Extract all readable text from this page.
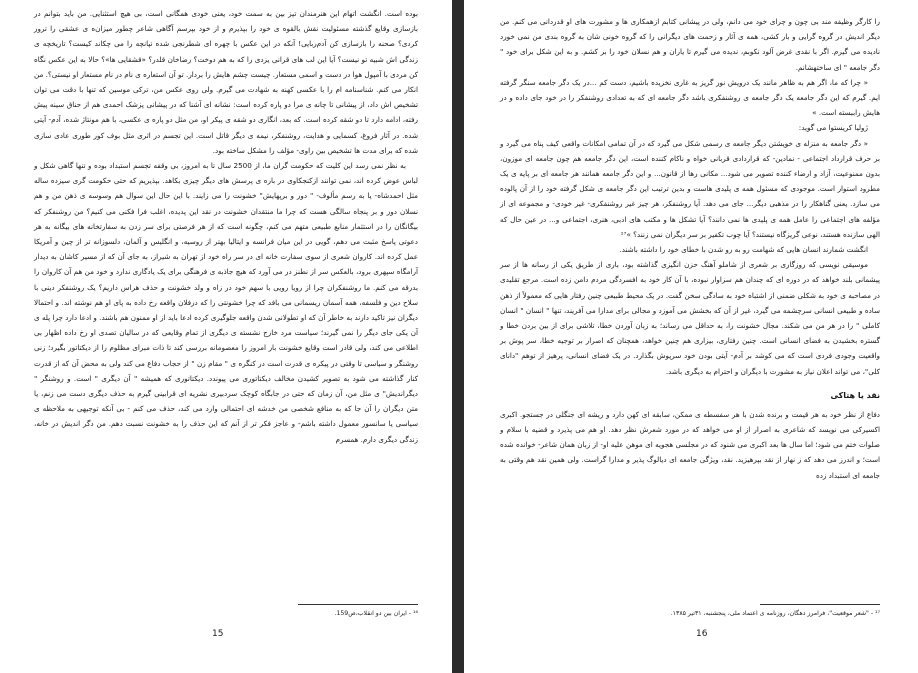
بوده است. انگشت اتهام این هنرمندان تیز بین به سمت خود، یعنی خودی همگانی است، بی هیچ استثنایی. من باید بتوانم در بازسازی وقایع گذشته مسئولیت نقش بالقوه ی خود را بپذیرم و از خود بپرسم آگاهی شاعر چطور میزان‌ه ی عشقی را ترور کردی؟ صحنه را بازسازی کن آدم‌ربایی! آنکه در این عکس با چهره ای شطرنجی شده تپانچه را می چکاند کیست؟ تاریخچه ی زندگی اش شبیه تو نیست؟ آیا این لب های قرانی یزدی را که به هم دوخت؟ رضاخان قلدر؟ «قشقایی ها»؟ حالا به این عکس نگاه کن مردی با آمپول هوا در دست و اسمی مستعار. چیست چشم هایش را بردار. تو آن استعاره ی نام در نام مستعار او نیستی؟. من انکار می کنم. شناسنامه ام را با عکسی کهنه به شهادت می گیرم. ولی روی عکس من، ترکی موسین که تنها با دقت می توان تشخیص اش داد، از پیشانی تا چانه ی مرا دو پاره کرده است: نشانه ای آشنا که در پیشانی پزشک احمدی هم از حناق سینه پیش رفته، ادامه دارد تا دو شقه کرده است. که بعد، انگاری دو شقه ی پیکر او، من مثل دو پاره ی عکسی، با هم مونتاژ شده، آدم- آیتی شده. در آثار فروغ، کسمایی و هدایت، روشنفکر، نیمه ی دیگر قاتل است. این تجسم در اثری مثل بوف کور طوری عادی سازی شده که برای مدت ها تشخیص بین راوی- مؤلف را مشکل ساخته بود.

به نظر نمی رسد این کلیت که حکومت گران ما، از 2500 سال تا به امروز، بی وقفه تجسم استبداد بوده و تنها گاهی شکل و لباس عوض کرده اند، نمی توانند ازکنجکاوی در باره ی پرسش های دیگر چیزی بکاهد. بپذیریم که حتی حکومت گری سیزده ساله مثل احمدشاه- یا به رسم مألوف- " دور و برپهایش" خشونت را می زایند. با این حال این سوال هم وسوسه ی ذهن من و هم نسلان دور و بر پنجاه سالگی هست که چرا ما منتقدان خشونت در نقد این پدیده، اغلب فرا فکنی می کنیم؟ من روشنفکر که بیگانگان را در استثمار منابع طبیعی متهم می کنم، چگونه است که از هر فرصتی برای سر زدن به سفارتخانه های بیگانه به هر دعوتی پاسخ مثبت می دهم، گویی در این میان فرانسه و ایتالیا بهتر از روسیه، و انگلیس و آلمان، دلسوزانه تر از چین و آمریکا عمل کرده اند. کاروان شعری از سوی سفارت خانه ای در سر راه خود از تهران به شیراز، به جای آن که از مسیر کاشان به دیدار آرامگاه سپهری برود، بالعکس سر از نطنز در می آورد که هیچ جاذبه ی فرهنگی برای یک یادگاری ندارد و خود من هم آن کاروان را بدرقه می کنم. ما روشنفکران چرا از رویا رویی با سهم خود در زاه و ولد خشونت و حذف هراس داریم؟ یک روشنفکر دینی با سلاح دین و فلسفه، همه آسمان ریسمانی می بافد که چرا خشونتی را که درفلان واقعه رخ داده به پای او هم نوشته اند. و احتمالا دیگران نیز تاکید دارند به خاطر آن که او تطولانی شدن واقعه جلوگیری کرده ادعا باید از او ممنون هم باشند. و ادعا دارد چرا پله ی آن یکی جای دیگر را نمی گیرند؛ سیاست مرد خارج نشسته ی دیگری از تمام وقایعی که در سالیان تصدی او رخ داده اظهار بی اطلاعی می کند، ولی قادر است وقایع خشونت بار امروز را معصومانه بررسی کند تا ذات مبرای مظلوم را از دیکتاتور بگیرد؛ زنی روشنگر و سیاسی تا وقتی در پیکره ی قدرت است در کنگره ی " مقام زن " از حجاب دفاع می کند ولی به محض آن که از قدرت کنار گذاشته می شود به تصویر کشیدن مخالف دیکتاتوری می پیوندد. دیکتاتوری که همیشه " آن دیگری " است. و روشنگر " دیگراندیش" ی مثل من، آن زمان که حتی در جابگاه کوچک سردبیری نشریه ای قرابینی گیرم به حذف دیگری دست می زنم، یا متن دیگران را آن جا که به منافع شخصی من خدشه ای احتمالی وارد می کند، حذف می کنم - بی آنکه توجیهی به ملاحظه ی سیاسی یا سانسور معمول داشته باشم- و عاجز فکر تر از آنم که این حذف را به خشونت نسبت دهم. من دگر اندیش در خانه، زندگی دیگری دارم. همسرم

¹⁶ - ایران بین دو انقلاب،ص159.
15

را کارگر وظیفه مند بی چون و چرای خود می دانم، ولی در پیشانی کتابم ازهمکاری ها و مشورت های او قدردانی می کنم. من دیگر اندیش در گروه گرایی و بار کشی، همه ی آثار و زحمت های دیگرانی را که گروه خونی شان به گروه بندی من نمی خورد نادیده می گیرم. اگر با نقدی غرض آلود نکوبم، ندیده می گیرم تا یاران و هم نسلان خود را بر کشم. و به این شکل برای خود " دگر جامعه " ای ساختهشانم.

« چرا که ما، اگر هم به ظاهر مانند یک درویش نور گریز به غاری نخزیده باشیم، دست کم ...در یک دگر جامعه سنگر گرفته ایم. گیرم که این دگر جامعه یک دگر جامعه ی روشنفکری باشد دگر جامعه ای که به تعدادی روشنفکر را در خود جای داده و در هایش راببسته است. »

ژولیا کریستوا می گوید:

« دگر جامعه به منزله ی خویشتن دیگر جامعه ی رسمی شکل می گیرد که در آن تمامی امکانات واقعی کیف پناه می گیرد و بر حرف قرارداد اجتماعی - نمادین- که قراردادی قربانی خواه و ناکام کننده است، این دگر جامعه هم چون جامعه ای موزون، بدون ممنوعیت، آزاد و ارضاء کننده تصویر می شود... مکانی رها از قانون... و این دگر جامعه همانند هر جامعه ای بر پایه ی یک مطرود استوار است. موجودی که مسئول همه ی پلیدی هاست و بدین ترتیب این دگر جامعه ی شکل گرفته خود را از آن پالوده می سازد. یعنی گناهکار را در مذهبی دیگر... جای می دهد. آیا روشنفکر، هر چیز غیر روشنفکری- غیر خودی- و مجموعه ای از مؤلفه های اجتماعی را عامل همه ی پلیدی ها نمی دانند؟ آیا تشکل ها و مکتب های ادبی، هنری، اجتماعی و... در عین حال که الهی سازنده هستند، نوعی گریزگاه نیستند؟ آیا چوب تکفیر بر سر دیگران نمی زنند؟ »¹⁷

انگشت شمارند انسان هایی که شهامت رو به رو شدن با خطای خود را داشته باشند.

موسیقی نویسی که روزگاری بر شعری از شاملو آهنگ حزن انگیزی گذاشته بود، باری از طریق یکی از رسانه ها از سر پیشمانی بلند خواهد که در دوره ای که چندان هم سزاوار نبوده، با آن کار خود به افسردگی مردم دامن زده است. مرجع تقلیدی در مصاحبه ی خود به شکلی ضمنی از اشتباه خود به سادگی سخن گفت. در یک محیط طبیعی چنین رفتار هایی که معمولاً از ذهن ساده و طبیعی انسانی سرچشمه می گیرد، غیر از آن که بخشش می آموزد و مجالی برای مدارا می آفریند، تنها " انسان " انسان کاملی " را در هر من می شکند. مجال خشونت را، به حداقل می رساند؛ به زبان آوردن خطا، تلاشی برای از بین بردن خطا و گستره بخشیدن به فضای انسانی است. چنین رفتاری، بیزاری هم چنین خواهد، همچنان که اصرار بر توجیه خطا، سر پوش بر واقعیت وجودی فردی است که می کوشد بر آدم- آیتی بودن خود سرپوش بگذارد. در یک فضای انسانی، پرهیز از توهم "دانای کلی"، می تواند اعلان نیاز به مشورت با دیگران و احترام به دیگری باشد.

نقد یا هتاکی

دفاع از نظر خود به هر قیمت و برنده شدن با هر سفسطه ی ممکن، سابقه ای کهن دارد و ریشه ای جنگلی در جستجو. اکبری اکسیرکی می نویسد که شاعری به اصرار از او می خواهد که در مورد شعرش نظر دهد. او هم می پذیرد و قضیه با سلام و صلوات ختم می شود؛ اما سال ها بعد اکبری می شنود که در مجلسی هجویه ای موهن علیه او- از زبان همان شاعر- خوانده شده است؛ و اندرز می دهد که ز نهار از نقد بپرهیزید. نقد، ویژگی جامعه ای دیالوگ پذیر و مدارا گراست. ولی همین نقد هم وقتی به جامعه ای استبداد زده

¹⁷ - "شعر موقعیت"، فرامرز دهگان، روزنامه ی اعتماد ملی، پنجشنبه، ۳۱تیر ۱۳۸۵.
16
